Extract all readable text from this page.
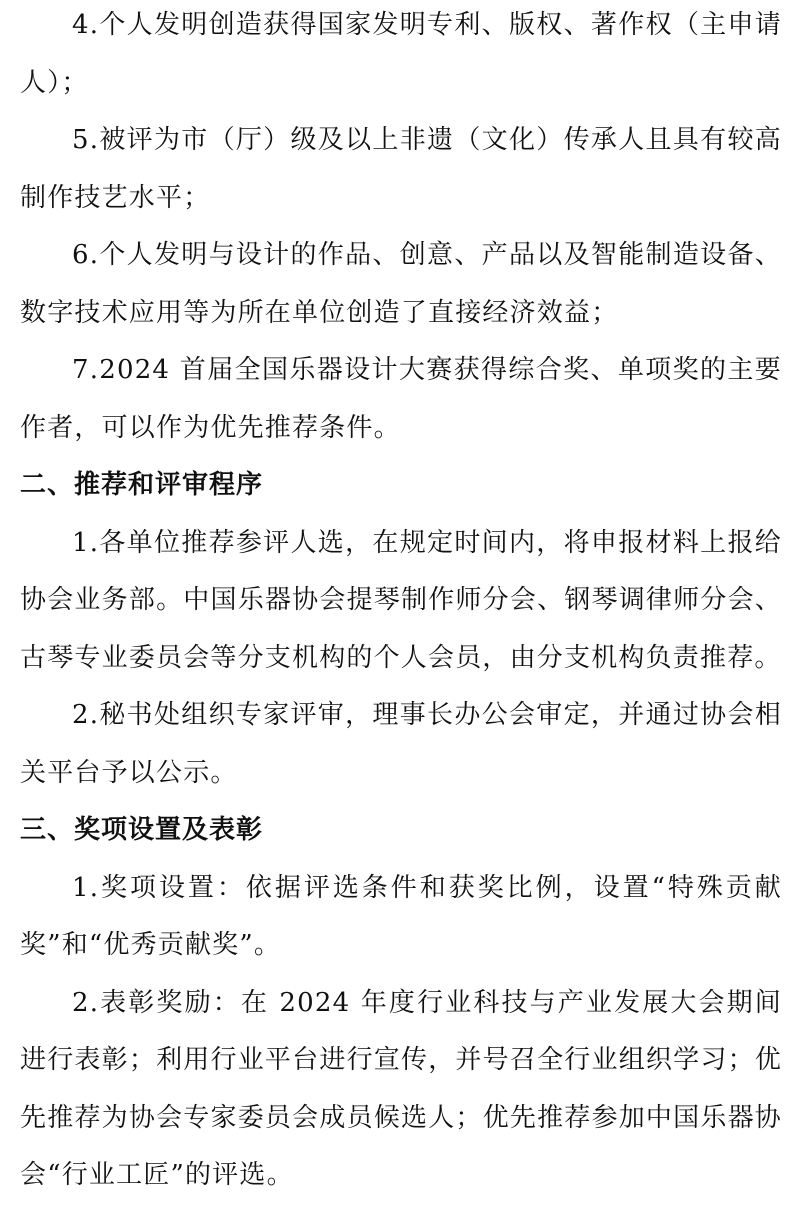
4.个人发明创造获得国家发明专利、版权、著作权（主申请人）；

5.被评为市（厅）级及以上非遗（文化）传承人且具有较高制作技艺水平；

6.个人发明与设计的作品、创意、产品以及智能制造设备、数字技术应用等为所在单位创造了直接经济效益；

7.2024 首届全国乐器设计大赛获得综合奖、单项奖的主要作者，可以作为优先推荐条件。

二、推荐和评审程序

1.各单位推荐参评人选，在规定时间内，将申报材料上报给协会业务部。中国乐器协会提琴制作师分会、钢琴调律师分会、古琴专业委员会等分支机构的个人会员，由分支机构负责推荐。

2.秘书处组织专家评审，理事长办公会审定，并通过协会相关平台予以公示。

三、奖项设置及表彰

1.奖项设置：依据评选条件和获奖比例，设置“特殊贡献奖”和“优秀贡献奖”。

2.表彰奖励：在 2024 年度行业科技与产业发展大会期间进行表彰；利用行业平台进行宣传，并号召全行业组织学习；优先推荐为协会专家委员会成员候选人；优先推荐参加中国乐器协会“行业工匠”的评选。
